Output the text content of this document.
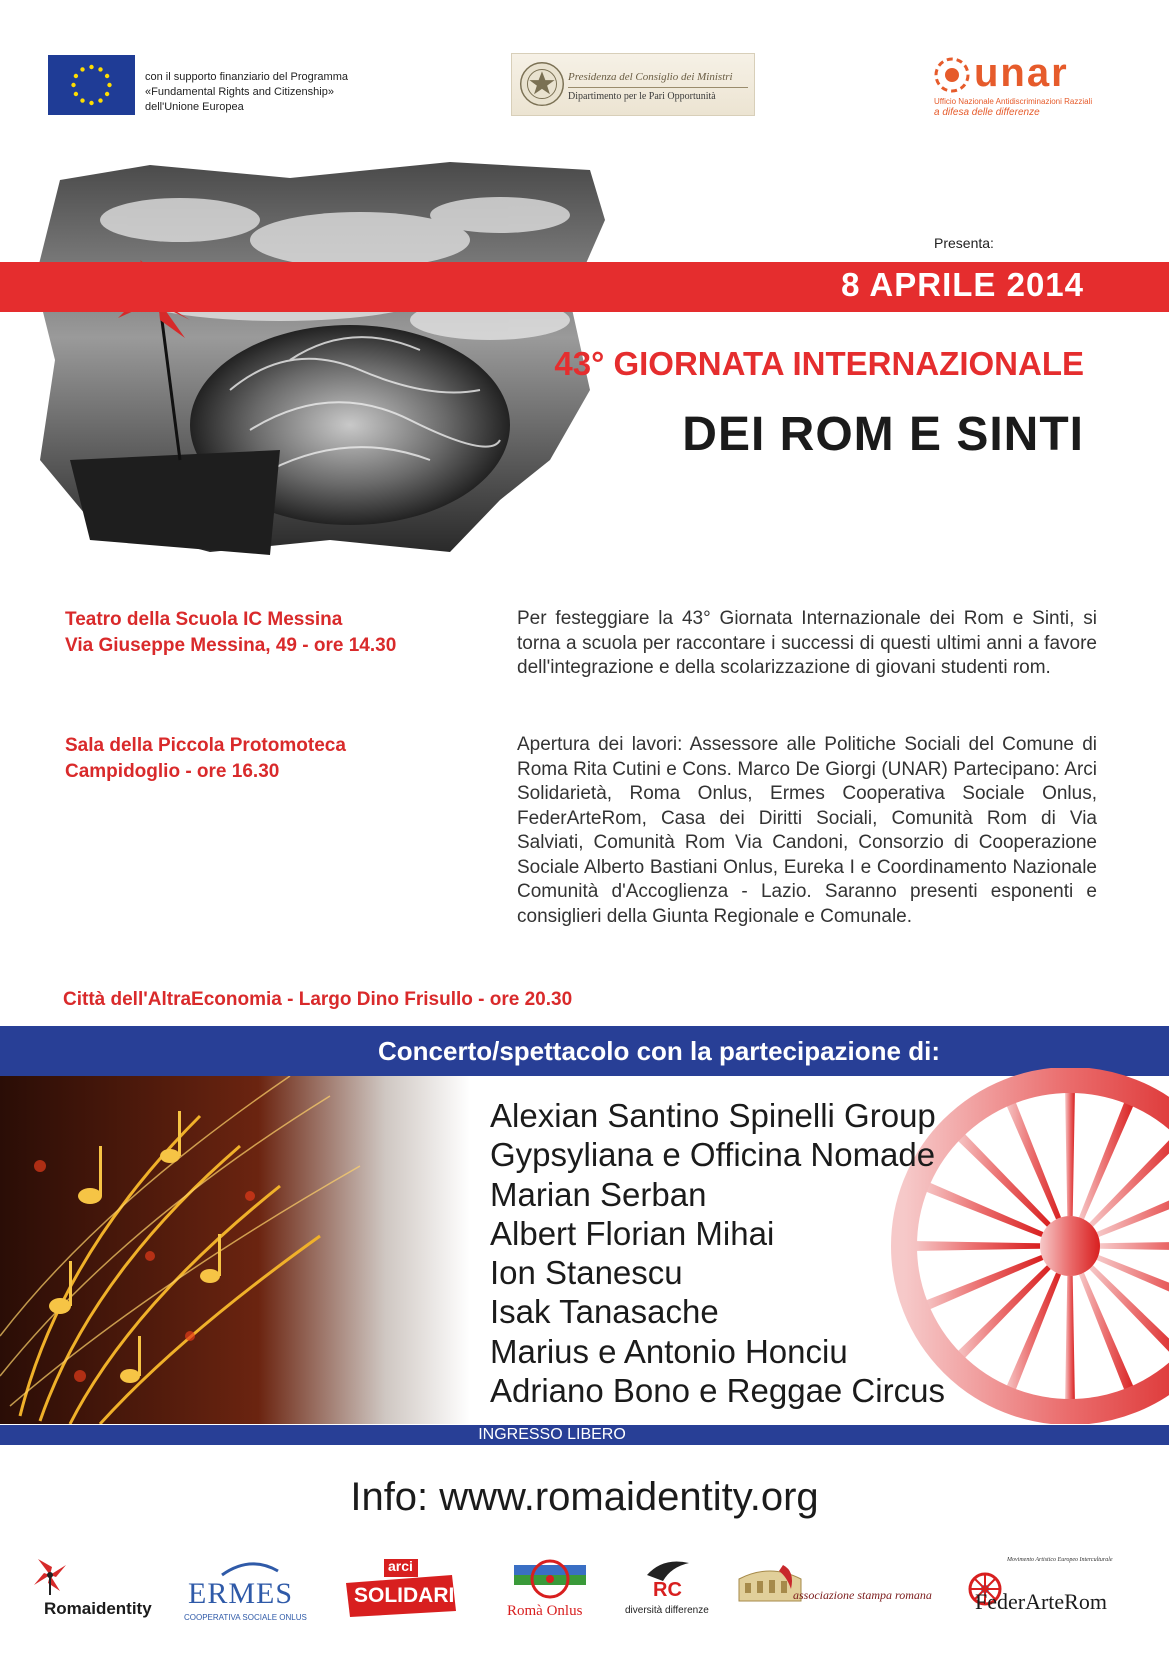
con il supporto finanziario del Programma
«Fundamental Rights and Citizenship»
dell'Unione Europea
Presidenza del Consiglio dei Ministri
Dipartimento per le Pari Opportunità
unar
Ufficio Nazionale Antidiscriminazioni Razziali
a difesa delle differenze
Presenta:
8 APRILE 2014
43° GIORNATA INTERNAZIONALE
DEI ROM E SINTI
Teatro della Scuola IC Messina
Via Giuseppe Messina, 49 - ore 14.30
Per festeggiare la 43° Giornata Internazionale dei Rom e Sinti, si torna a scuola per raccontare i successi di questi ultimi anni a favore dell'integrazione e della scolarizzazione di giovani studenti rom.
Sala della Piccola Protomoteca
Campidoglio - ore 16.30
Apertura dei lavori: Assessore alle Politiche Sociali del Comune di Roma Rita Cutini e Cons. Marco De Giorgi (UNAR) Partecipano: Arci Solidarietà, Roma Onlus, Ermes Cooperativa Sociale Onlus, FederArteRom, Casa dei Diritti Sociali, Comunità Rom di Via Salviati, Comunità Rom Via Candoni, Consorzio di Cooperazione Sociale Alberto Bastiani Onlus, Eureka I e Coordinamento Nazionale Comunità d'Accoglienza - Lazio. Saranno presenti esponenti e consiglieri della Giunta Regionale e Comunale.
Città dell'AltraEconomia - Largo Dino Frisullo - ore 20.30
Concerto/spettacolo con la partecipazione di:
Alexian Santino Spinelli Group
Gypsyliana e Officina Nomade
Marian Serban
Albert Florian Mihai
Ion Stanescu
Isak Tanasache
Marius e Antonio Honciu
Adriano Bono e Reggae Circus
INGRESSO LIBERO
Info: www.romaidentity.org
Romaidentity ERMES
COOPERATIVA SOCIALE ONLUS
arci
SOLIDARIETÀ
Romà Onlus
RC
diversità differenze
associazione stampa romana
Movimento Artistico Europeo Interculturale
FederArteRom
